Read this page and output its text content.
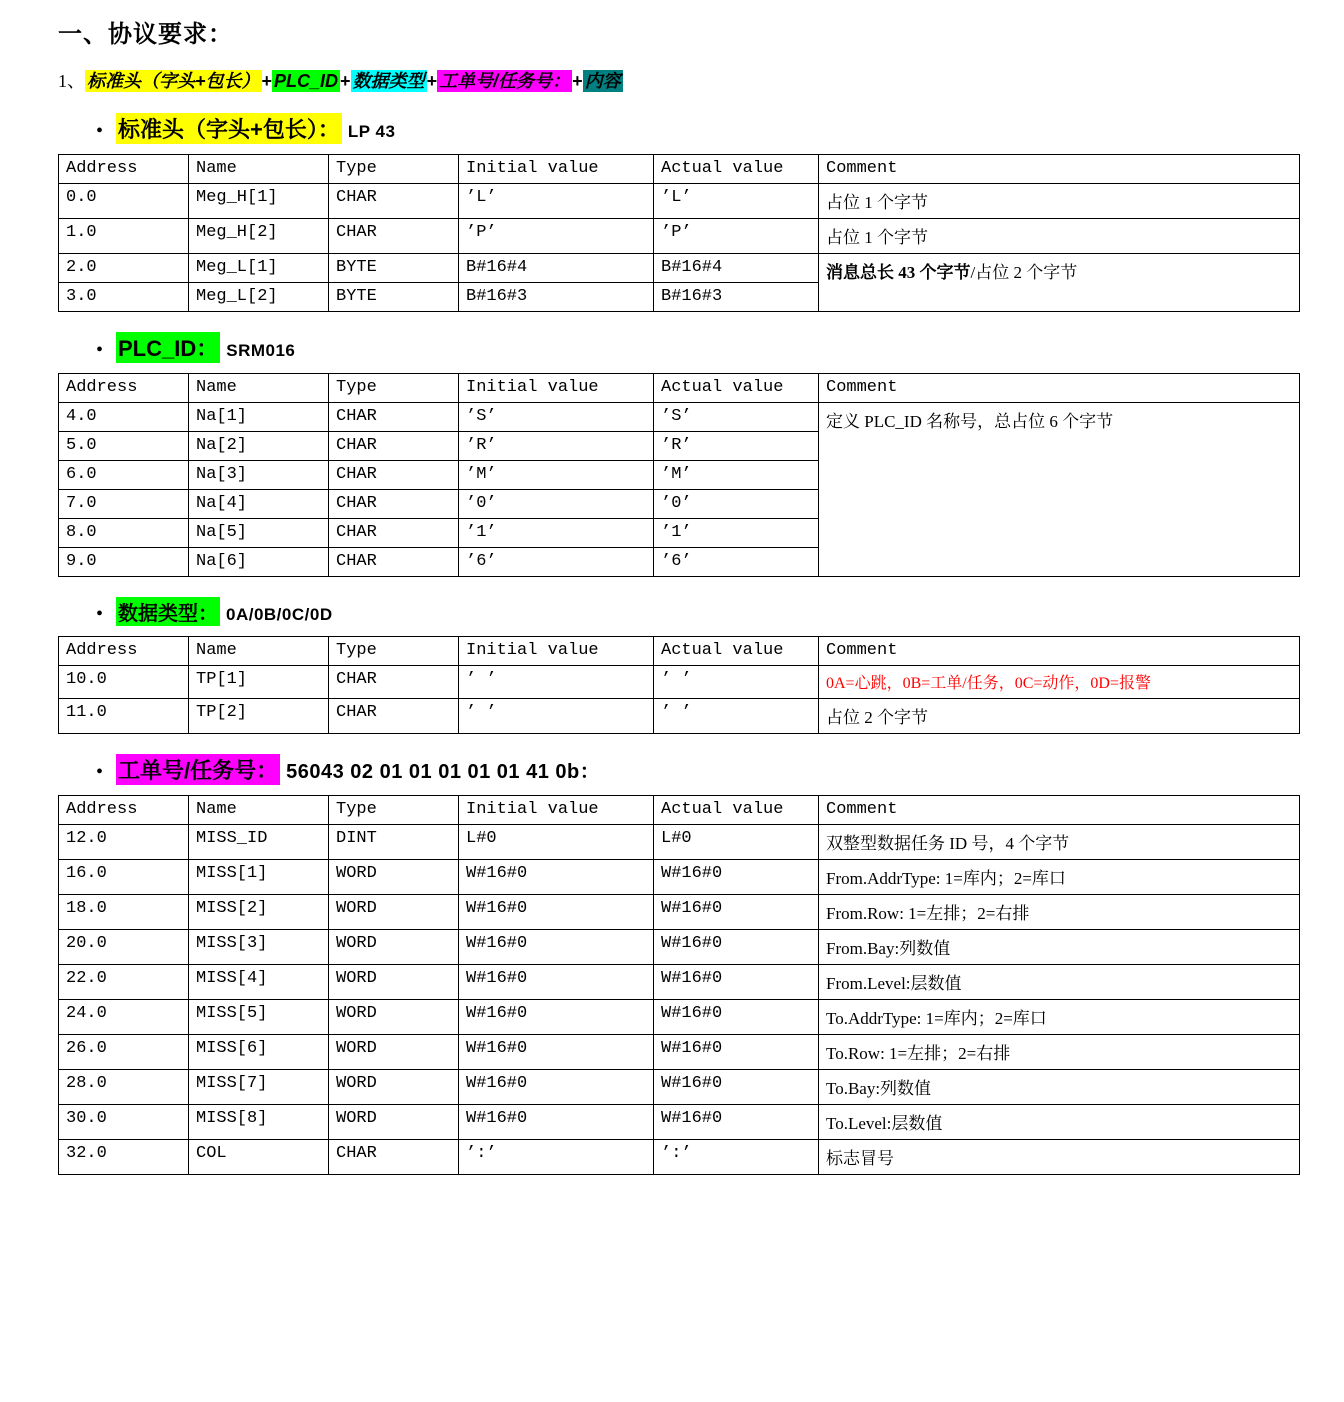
一、协议要求：
1、 标准头（字头+包长） + PLC_ID + 数据类型 + 工单号/任务号： + 内容
• 标准头（字头+包长）： LP 43
Address	Name	Type	Initial value	Actual value	Comment
0.0	Meg_H[1]	CHAR	’L’	’L’	占位 1 个字节
1.0	Meg_H[2]	CHAR	’P’	’P’	占位 1 个字节
2.0	Meg_L[1]	BYTE	B#16#4	B#16#4	消息总长 43 个字节/占位 2 个字节
3.0	Meg_L[2]	BYTE	B#16#3	B#16#3	
• PLC_ID： SRM016
Address	Name	Type	Initial value	Actual value	Comment
4.0	Na[1]	CHAR	’S’	’S’	定义 PLC_ID 名称号，总占位 6 个字节
5.0	Na[2]	CHAR	’R’	’R’	
6.0	Na[3]	CHAR	’M’	’M’	
7.0	Na[4]	CHAR	’0’	’0’	
8.0	Na[5]	CHAR	’1’	’1’	
9.0	Na[6]	CHAR	’6’	’6’	
• 数据类型： 0A/0B/0C/0D
Address	Name	Type	Initial value	Actual value	Comment
10.0	TP[1]	CHAR	’ ’	’ ’	0A=心跳，0B=工单/任务，0C=动作，0D=报警
11.0	TP[2]	CHAR	’ ’	’ ’	占位 2 个字节
• 工单号/任务号： 56043 02 01 01 01 01 01 41 0b：
Address	Name	Type	Initial value	Actual value	Comment
12.0	MISS_ID	DINT	L#0	L#0	双整型数据任务 ID 号，4 个字节
16.0	MISS[1]	WORD	W#16#0	W#16#0	From.AddrType: 1=库内；2=库口
18.0	MISS[2]	WORD	W#16#0	W#16#0	From.Row: 1=左排；2=右排
20.0	MISS[3]	WORD	W#16#0	W#16#0	From.Bay:列数值
22.0	MISS[4]	WORD	W#16#0	W#16#0	From.Level:层数值
24.0	MISS[5]	WORD	W#16#0	W#16#0	To.AddrType: 1=库内；2=库口
26.0	MISS[6]	WORD	W#16#0	W#16#0	To.Row: 1=左排；2=右排
28.0	MISS[7]	WORD	W#16#0	W#16#0	To.Bay:列数值
30.0	MISS[8]	WORD	W#16#0	W#16#0	To.Level:层数值
32.0	COL	CHAR	’:’	’:’	标志冒号
